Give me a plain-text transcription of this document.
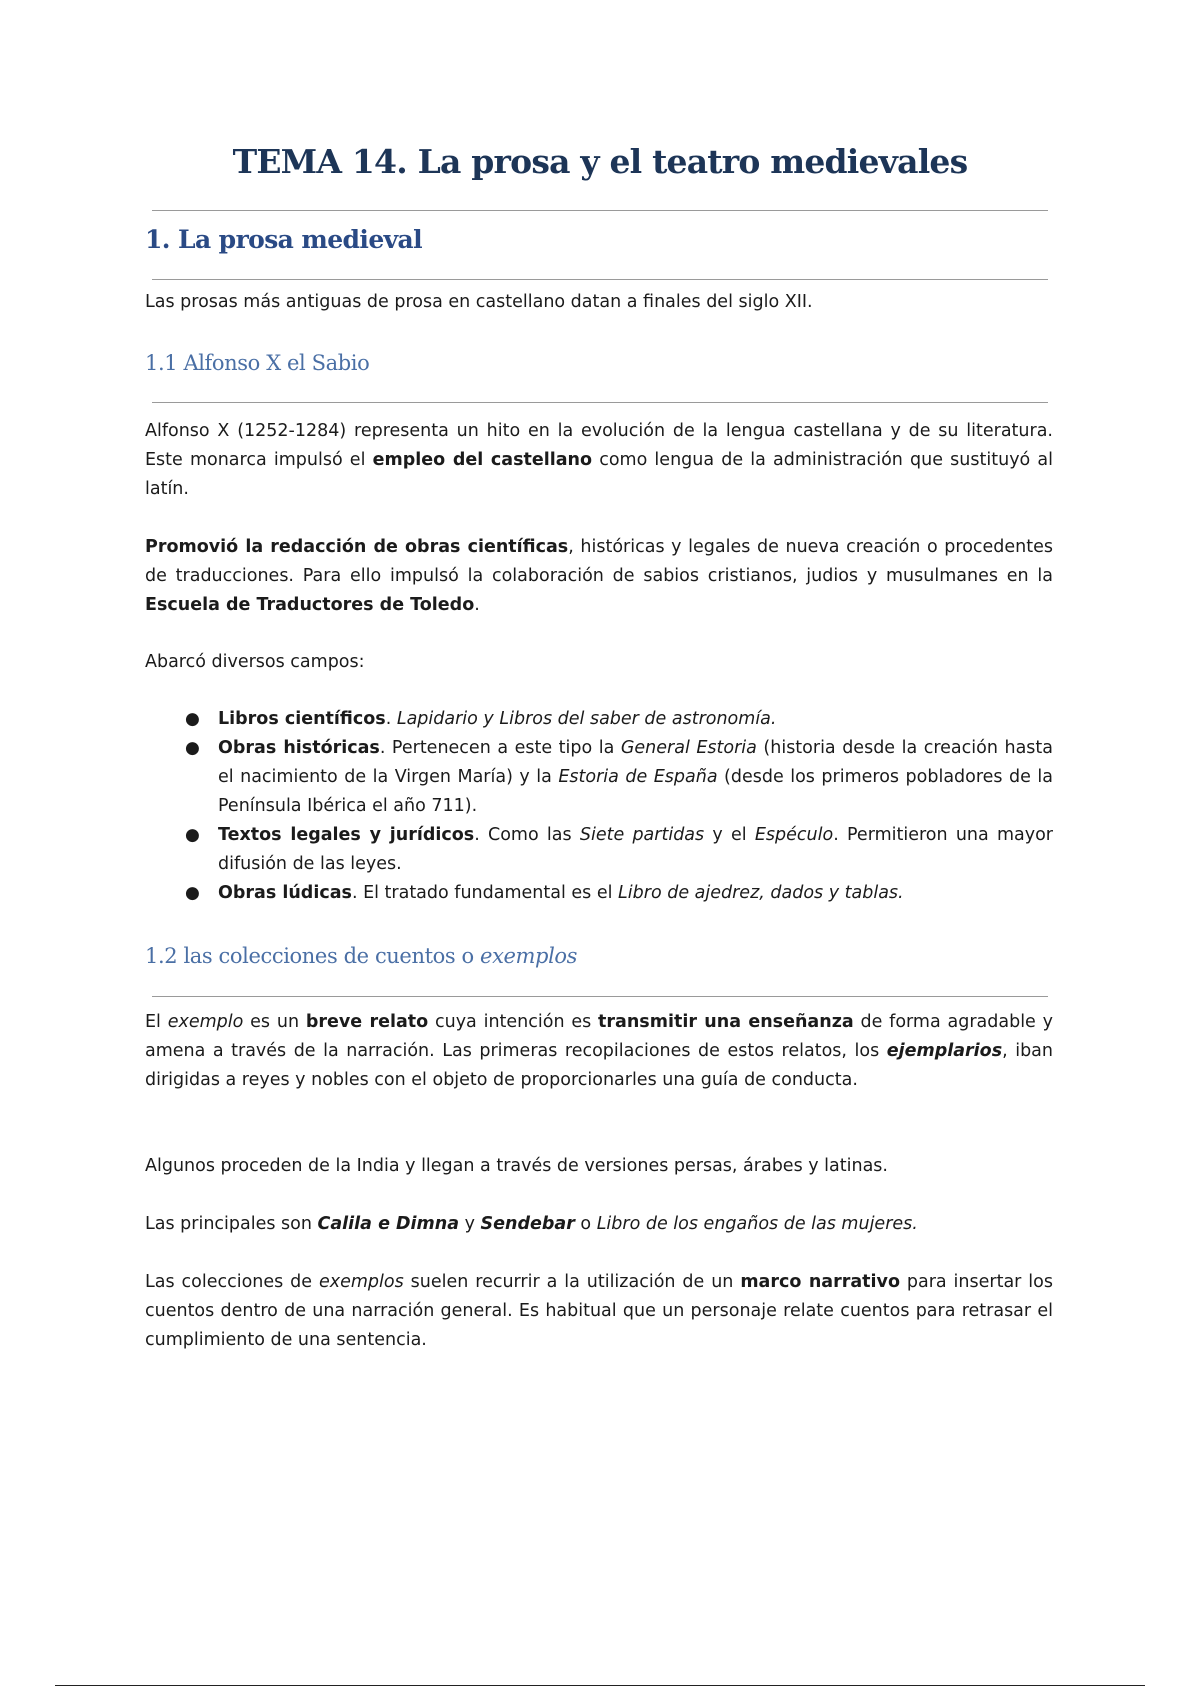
TEMA 14. La prosa y el teatro medievales
1. La prosa medieval

Las prosas más antiguas de prosa en castellano datan a finales del siglo XII.

1.1 Alfonso X el Sabio

Alfonso X (1252-1284) representa un hito en la evolución de la lengua castellana y de su literatura. Este monarca impulsó el empleo del castellano como lengua de la administración que sustituyó al latín.

Promovió la redacción de obras científicas, históricas y legales de nueva creación o procedentes de traducciones. Para ello impulsó la colaboración de sabios cristianos, judios y musulmanes en la Escuela de Traductores de Toledo.

Abarcó diversos campos:

● Libros científicos. Lapidario y Libros del saber de astronomía.
● Obras históricas. Pertenecen a este tipo la General Estoria (historia desde la creación hasta el nacimiento de la Virgen María) y la Estoria de España (desde los primeros pobladores de la Península Ibérica el año 711).
● Textos legales y jurídicos. Como las Siete partidas y el Espéculo. Permitieron una mayor difusión de las leyes.
● Obras lúdicas. El tratado fundamental es el Libro de ajedrez, dados y tablas.
1.2 las colecciones de cuentos o exemplos

El exemplo es un breve relato cuya intención es transmitir una enseñanza de forma agradable y amena a través de la narración. Las primeras recopilaciones de estos relatos, los ejemplarios, iban dirigidas a reyes y nobles con el objeto de proporcionarles una guía de conducta.

Algunos proceden de la India y llegan a través de versiones persas, árabes y latinas.

Las principales son Calila e Dimna y Sendebar o Libro de los engaños de las mujeres.

Las colecciones de exemplos suelen recurrir a la utilización de un marco narrativo para insertar los cuentos dentro de una narración general. Es habitual que un personaje relate cuentos para retrasar el cumplimiento de una sentencia.
